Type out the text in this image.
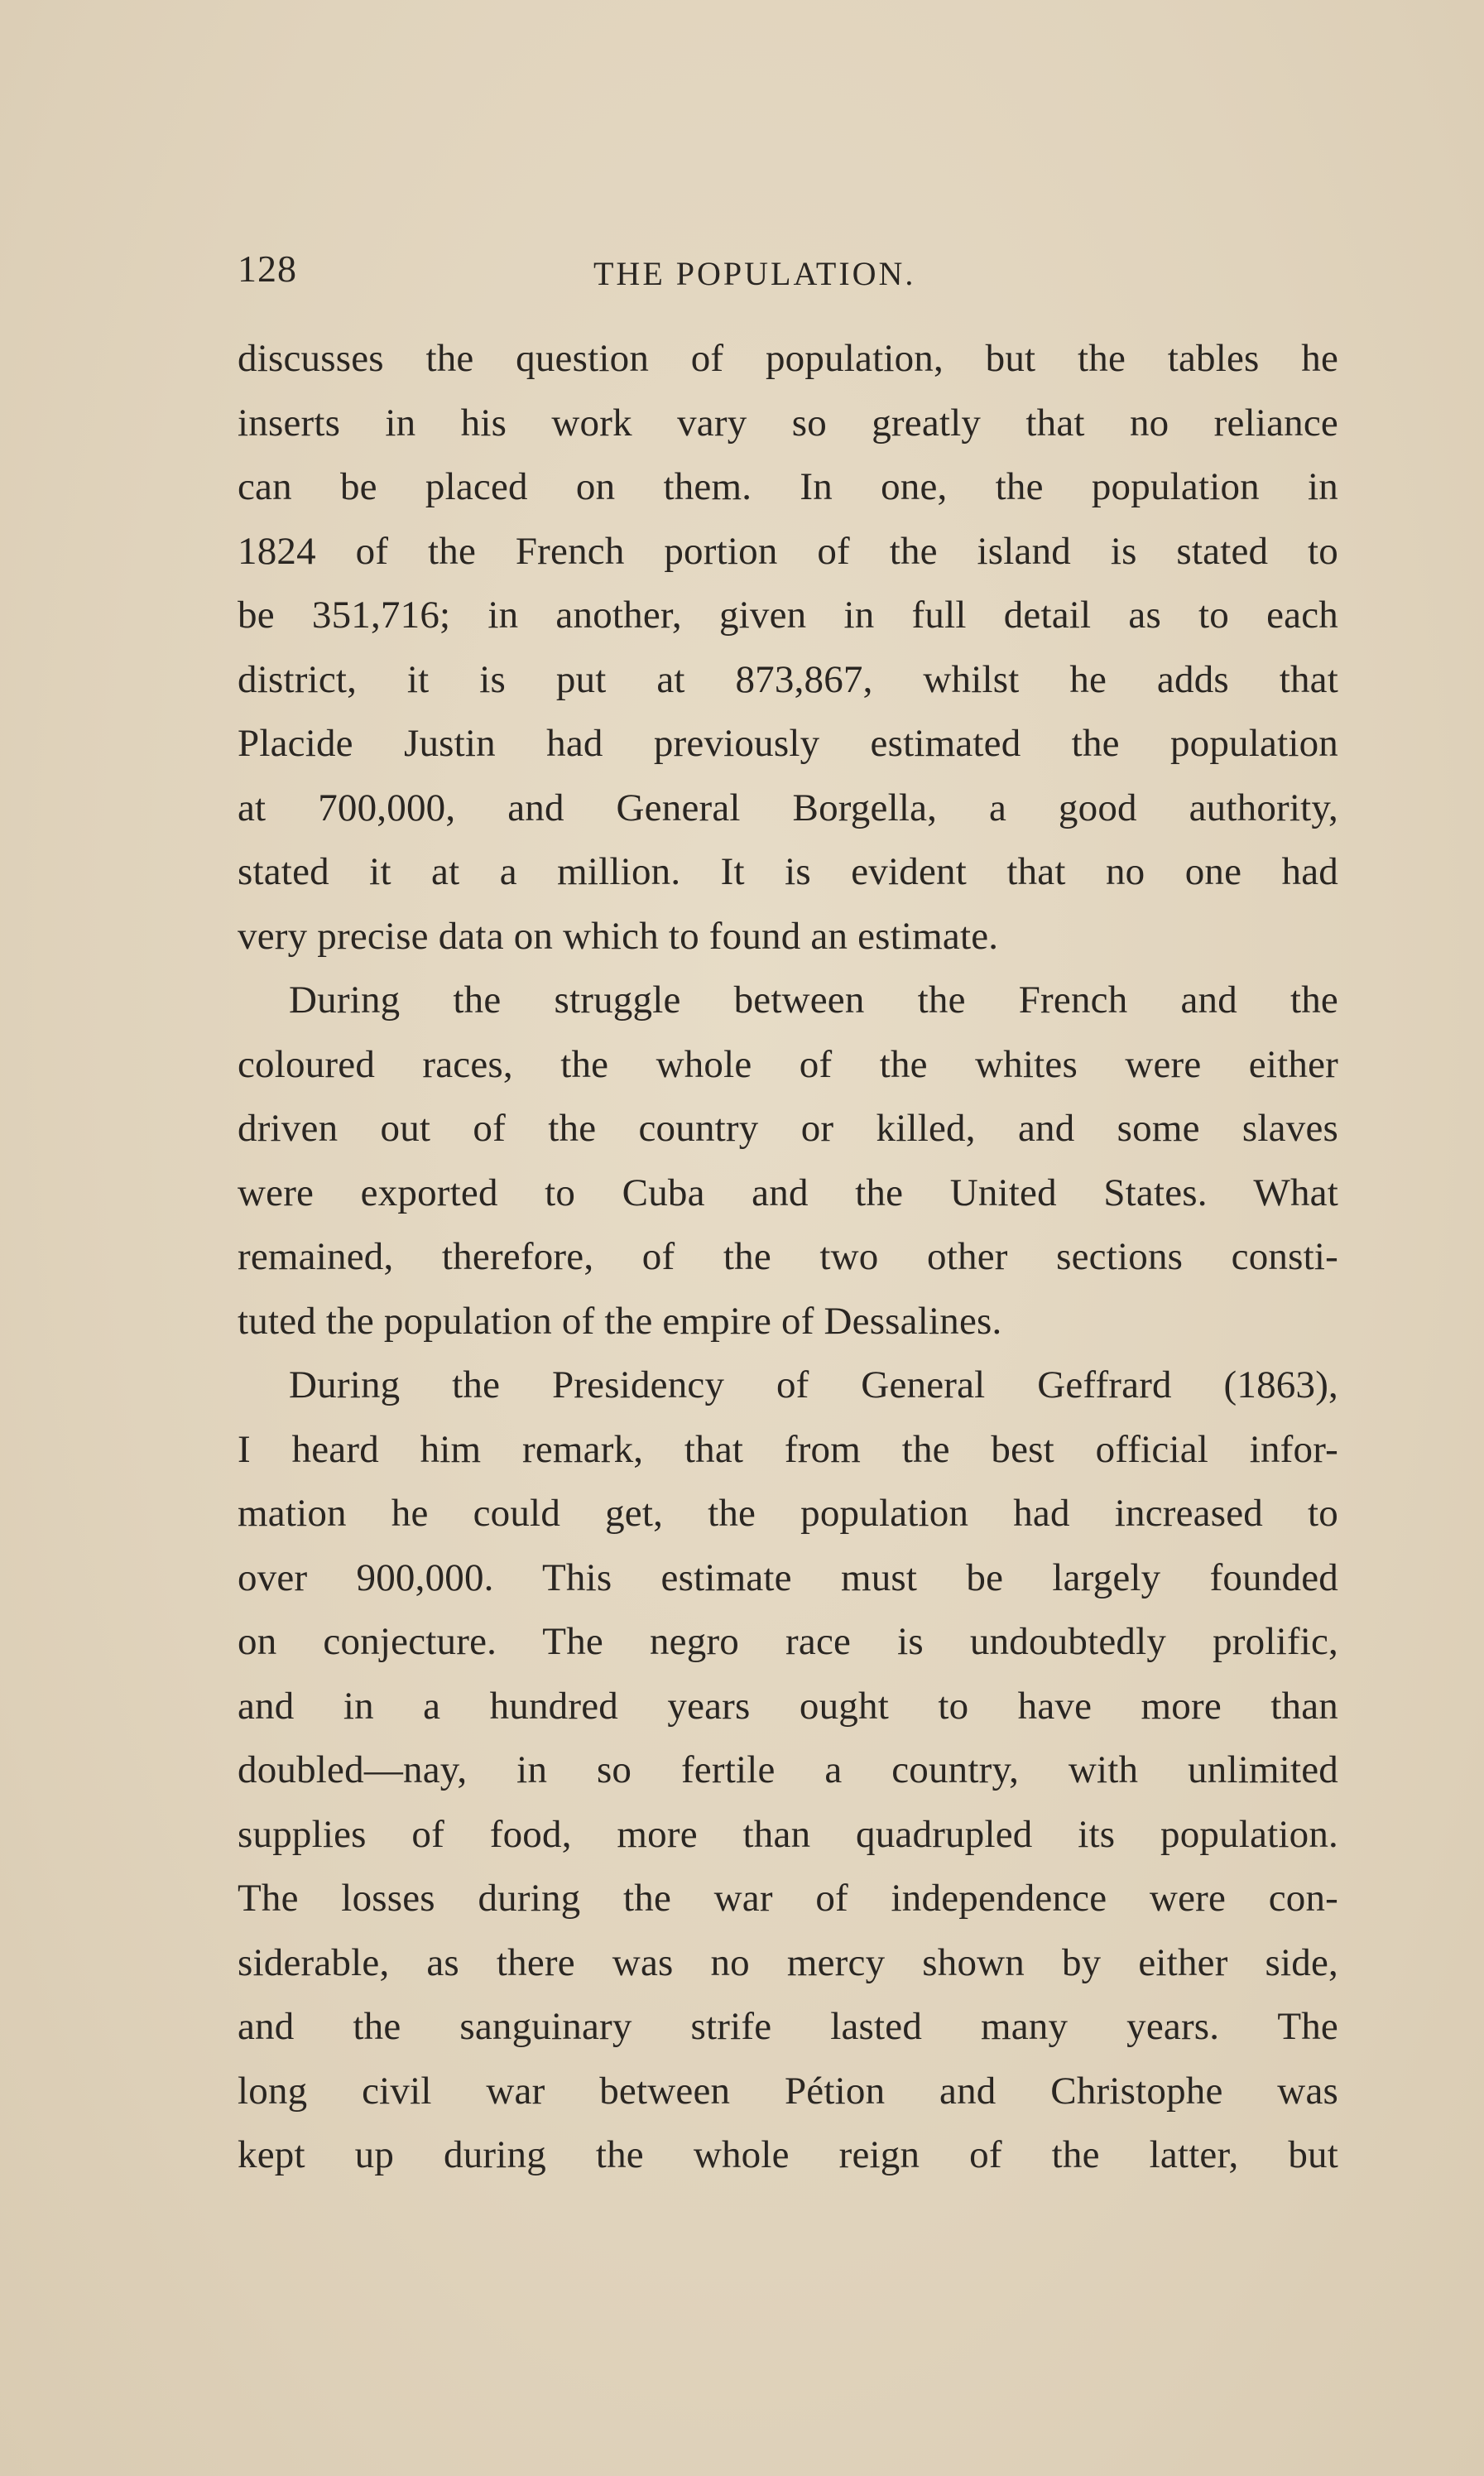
128	THE POPULATION.
discusses the question of population, but the tables he
inserts in his work vary so greatly that no reliance
can be placed on them. In one, the population in
1824 of the French portion of the island is stated to
be 351,716; in another, given in full detail as to each
district, it is put at 873,867, whilst he adds that
Placide Justin had previously estimated the population
at 700,000, and General Borgella, a good authority,
stated it at a million. It is evident that no one had
very precise data on which to found an estimate.
During the struggle between the French and the
coloured races, the whole of the whites were either
driven out of the country or killed, and some slaves
were exported to Cuba and the United States. What
remained, therefore, of the two other sections consti-
tuted the population of the empire of Dessalines.
During the Presidency of General Geffrard (1863),
I heard him remark, that from the best official infor-
mation he could get, the population had increased to
over 900,000. This estimate must be largely founded
on conjecture. The negro race is undoubtedly prolific,
and in a hundred years ought to have more than
doubled—nay, in so fertile a country, with unlimited
supplies of food, more than quadrupled its population.
The losses during the war of independence were con-
siderable, as there was no mercy shown by either side,
and the sanguinary strife lasted many years. The
long civil war between Pétion and Christophe was
kept up during the whole reign of the latter, but
